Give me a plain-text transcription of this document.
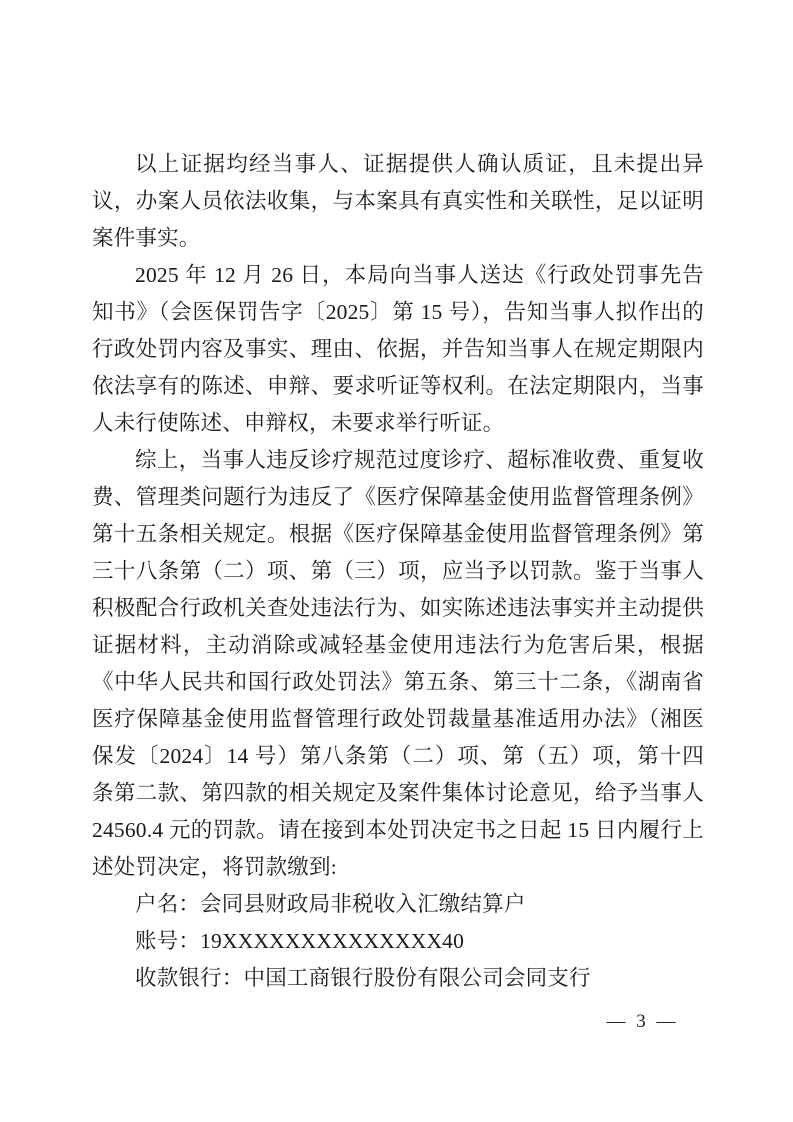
以上证据均经当事人、证据提供人确认质证，且未提出异议，办案人员依法收集，与本案具有真实性和关联性，足以证明案件事实。

2025 年 12 月 26 日，本局向当事人送达《行政处罚事先告知书》（会医保罚告字〔2025〕第 15 号），告知当事人拟作出的行政处罚内容及事实、理由、依据，并告知当事人在规定期限内依法享有的陈述、申辩、要求听证等权利。在法定期限内，当事人未行使陈述、申辩权，未要求举行听证。

综上，当事人违反诊疗规范过度诊疗、超标准收费、重复收费、管理类问题行为违反了《医疗保障基金使用监督管理条例》第十五条相关规定。根据《医疗保障基金使用监督管理条例》第三十八条第（二）项、第（三）项，应当予以罚款。鉴于当事人积极配合行政机关查处违法行为、如实陈述违法事实并主动提供证据材料，主动消除或减轻基金使用违法行为危害后果，根据《中华人民共和国行政处罚法》第五条、第三十二条，《湖南省医疗保障基金使用监督管理行政处罚裁量基准适用办法》（湘医保发〔2024〕14 号）第八条第（二）项、第（五）项，第十四条第二款、第四款的相关规定及案件集体讨论意见，给予当事人 24560.4 元的罚款。请在接到本处罚决定书之日起 15 日内履行上述处罚决定，将罚款缴到:

户名：会同县财政局非税收入汇缴结算户

账号：19XXXXXXXXXXXXXX40

收款银行：中国工商银行股份有限公司会同支行

— 3 —
